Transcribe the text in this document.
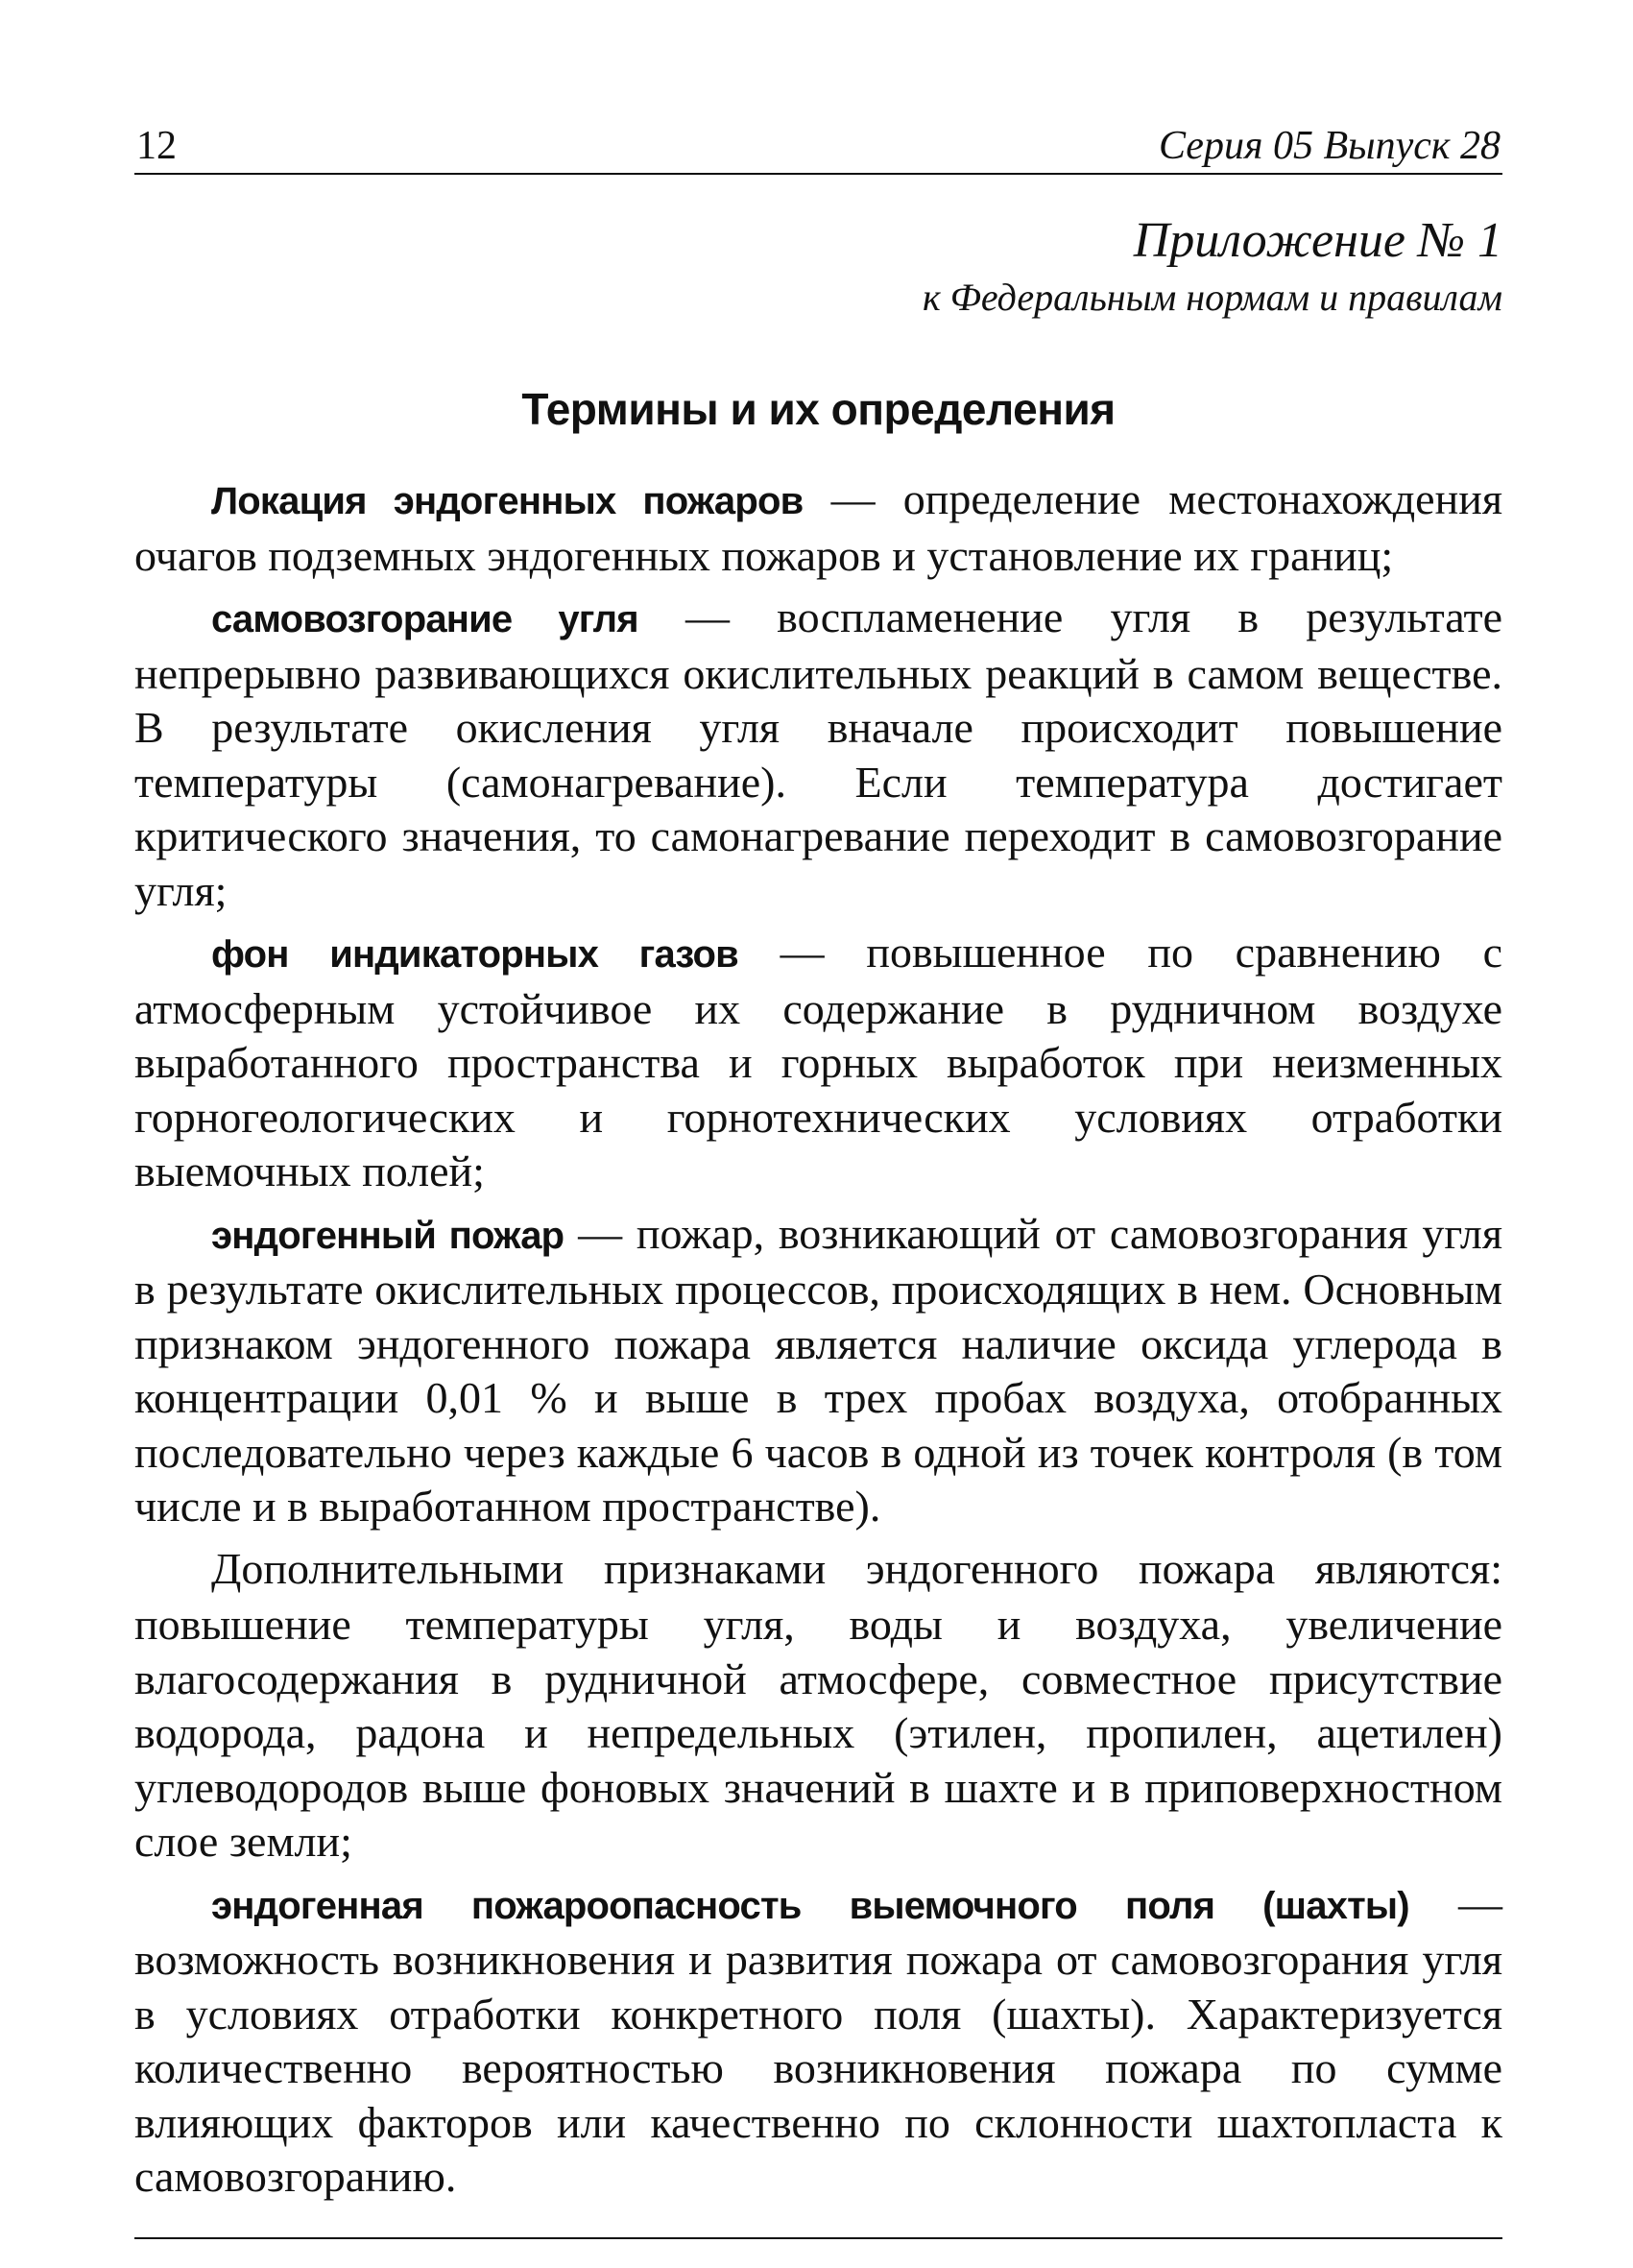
12	Серия 05 Выпуск 28
Приложение № 1
к Федеральным нормам и правилам
Термины и их определения

Локация эндогенных пожаров — определение местонахождения очагов подземных эндогенных пожаров и установление их границ;

самовозгорание угля — воспламенение угля в результате непрерывно развивающихся окислительных реакций в самом веществе. В результате окисления угля вначале происходит повышение температуры (самонагревание). Если температура достигает критического значения, то самонагревание переходит в самовозгорание угля;

фон индикаторных газов — повышенное по сравнению с атмосферным устойчивое их содержание в рудничном воздухе выработанного пространства и горных выработок при неизменных горногеологических и горнотехнических условиях отработки выемочных полей;

эндогенный пожар — пожар, возникающий от самовозгорания угля в результате окислительных процессов, происходящих в нем. Основным признаком эндогенного пожара является наличие оксида углерода в концентрации 0,01 % и выше в трех пробах воздуха, отобранных последовательно через каждые 6 часов в одной из точек контроля (в том числе и в выработанном пространстве).

Дополнительными признаками эндогенного пожара являются: повышение температуры угля, воды и воздуха, увеличение влагосодержания в рудничной атмосфере, совместное присутствие водорода, радона и непредельных (этилен, пропилен, ацетилен) углеводородов выше фоновых значений в шахте и в приповерхностном слое земли;

эндогенная пожароопасность выемочного поля (шахты) — возможность возникновения и развития пожара от самовозгорания угля в условиях отработки конкретного поля (шахты). Характеризуется количественно вероятностью возникновения пожара по сумме влияющих факторов или качественно по склонности шахтопласта к самовозгоранию.
